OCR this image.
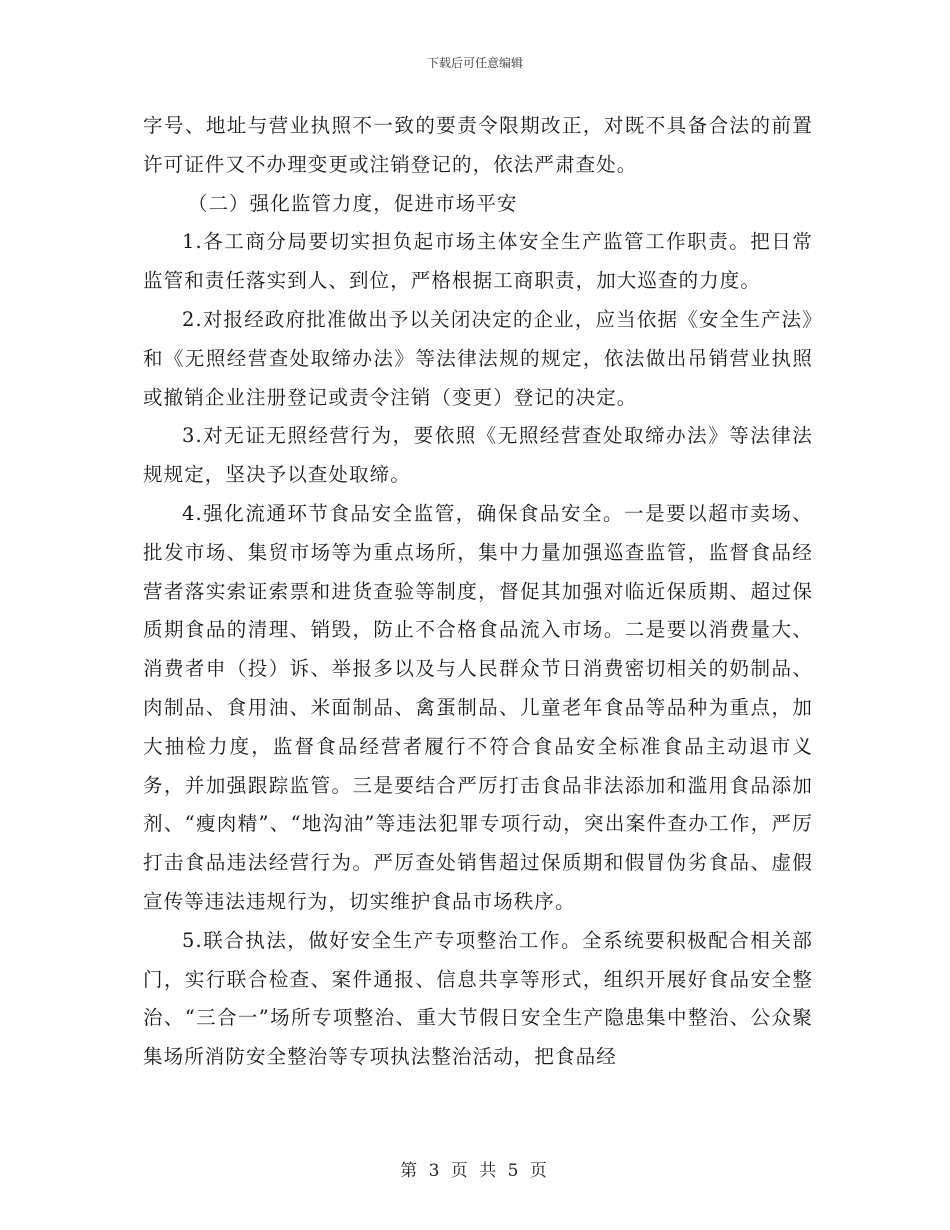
下载后可任意编辑

字号、地址与营业执照不一致的要责令限期改正，对既不具备合法的前置许可证件又不办理变更或注销登记的，依法严肃查处。

（二）强化监管力度，促进市场平安

1.各工商分局要切实担负起市场主体安全生产监管工作职责。把日常监管和责任落实到人、到位，严格根据工商职责，加大巡查的力度。

2.对报经政府批准做出予以关闭决定的企业，应当依据《安全生产法》和《无照经营查处取缔办法》等法律法规的规定，依法做出吊销营业执照或撤销企业注册登记或责令注销（变更）登记的决定。

3.对无证无照经营行为，要依照《无照经营查处取缔办法》等法律法规规定，坚决予以查处取缔。

4.强化流通环节食品安全监管，确保食品安全。一是要以超市卖场、批发市场、集贸市场等为重点场所，集中力量加强巡查监管，监督食品经营者落实索证索票和进货查验等制度，督促其加强对临近保质期、超过保质期食品的清理、销毁，防止不合格食品流入市场。二是要以消费量大、消费者申（投）诉、举报多以及与人民群众节日消费密切相关的奶制品、肉制品、食用油、米面制品、禽蛋制品、儿童老年食品等品种为重点，加大抽检力度，监督食品经营者履行不符合食品安全标准食品主动退市义务，并加强跟踪监管。三是要结合严厉打击食品非法添加和滥用食品添加剂、“瘦肉精”、“地沟油”等违法犯罪专项行动，突出案件查办工作，严厉打击食品违法经营行为。严厉查处销售超过保质期和假冒伪劣食品、虚假宣传等违法违规行为，切实维护食品市场秩序。

5.联合执法，做好安全生产专项整治工作。全系统要积极配合相关部门，实行联合检查、案件通报、信息共享等形式，组织开展好食品安全整治、“三合一”场所专项整治、重大节假日安全生产隐患集中整治、公众聚集场所消防安全整治等专项执法整治活动，把食品经

第 3 页 共 5 页
